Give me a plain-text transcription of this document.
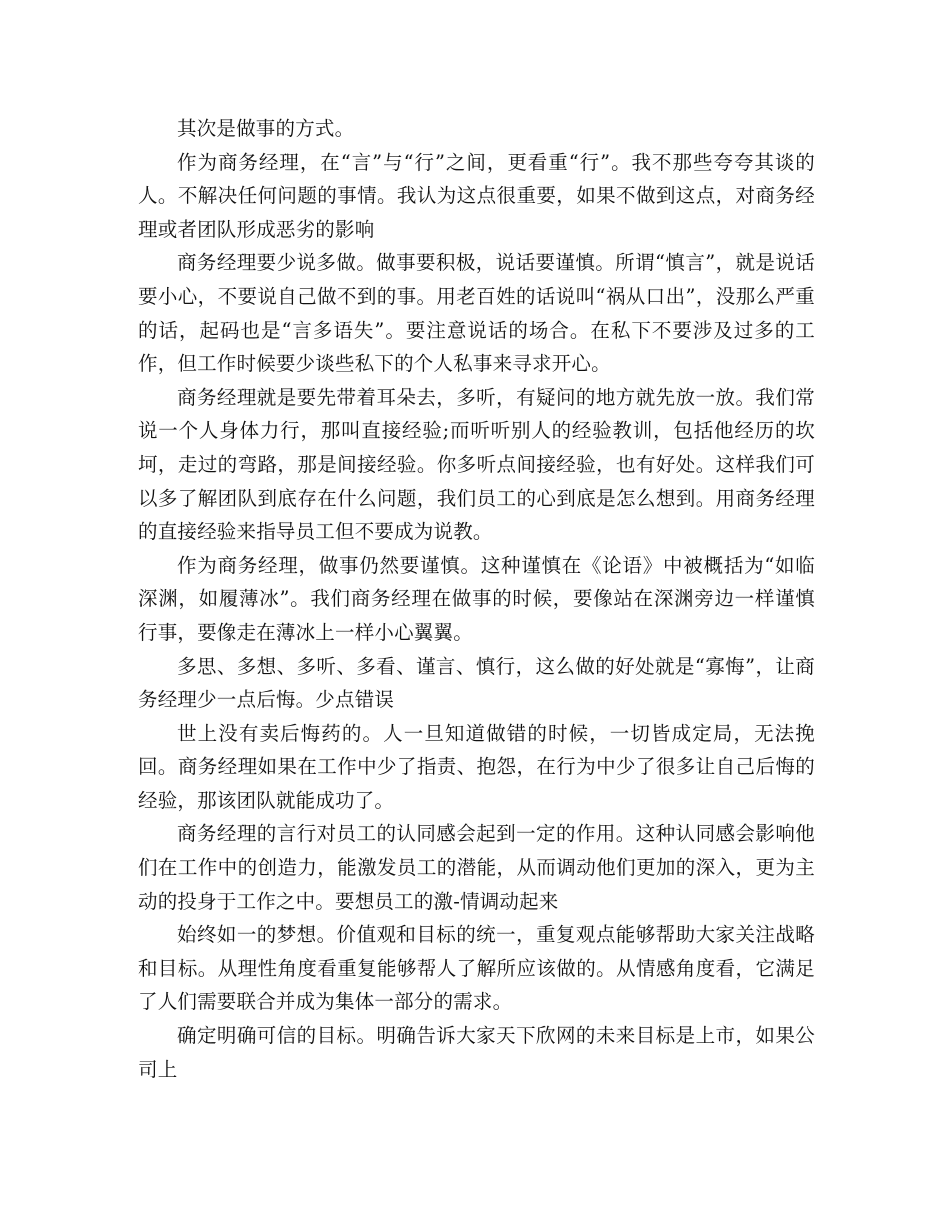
其次是做事的方式。

作为商务经理，在“言”与“行”之间，更看重“行”。我不那些夸夸其谈的人。不解决任何问题的事情。我认为这点很重要，如果不做到这点，对商务经理或者团队形成恶劣的影响

商务经理要少说多做。做事要积极，说话要谨慎。所谓“慎言”，就是说话要小心，不要说自己做不到的事。用老百姓的话说叫“祸从口出”，没那么严重的话，起码也是“言多语失”。要注意说话的场合。在私下不要涉及过多的工作，但工作时候要少谈些私下的个人私事来寻求开心。

商务经理就是要先带着耳朵去，多听，有疑问的地方就先放一放。我们常说一个人身体力行，那叫直接经验;而听听别人的经验教训，包括他经历的坎坷，走过的弯路，那是间接经验。你多听点间接经验，也有好处。这样我们可以多了解团队到底存在什么问题，我们员工的心到底是怎么想到。用商务经理的直接经验来指导员工但不要成为说教。

作为商务经理，做事仍然要谨慎。这种谨慎在《论语》中被概括为“如临深渊，如履薄冰”。我们商务经理在做事的时候，要像站在深渊旁边一样谨慎行事，要像走在薄冰上一样小心翼翼。

多思、多想、多听、多看、谨言、慎行，这么做的好处就是“寡悔”，让商务经理少一点后悔。少点错误

世上没有卖后悔药的。人一旦知道做错的时候，一切皆成定局，无法挽回。商务经理如果在工作中少了指责、抱怨，在行为中少了很多让自己后悔的经验，那该团队就能成功了。

商务经理的言行对员工的认同感会起到一定的作用。这种认同感会影响他们在工作中的创造力，能激发员工的潜能，从而调动他们更加的深入，更为主动的投身于工作之中。要想员工的激-情调动起来

始终如一的梦想。价值观和目标的统一，重复观点能够帮助大家关注战略和目标。从理性角度看重复能够帮人了解所应该做的。从情感角度看，它满足了人们需要联合并成为集体一部分的需求。

确定明确可信的目标。明确告诉大家天下欣网的未来目标是上市，如果公司上
